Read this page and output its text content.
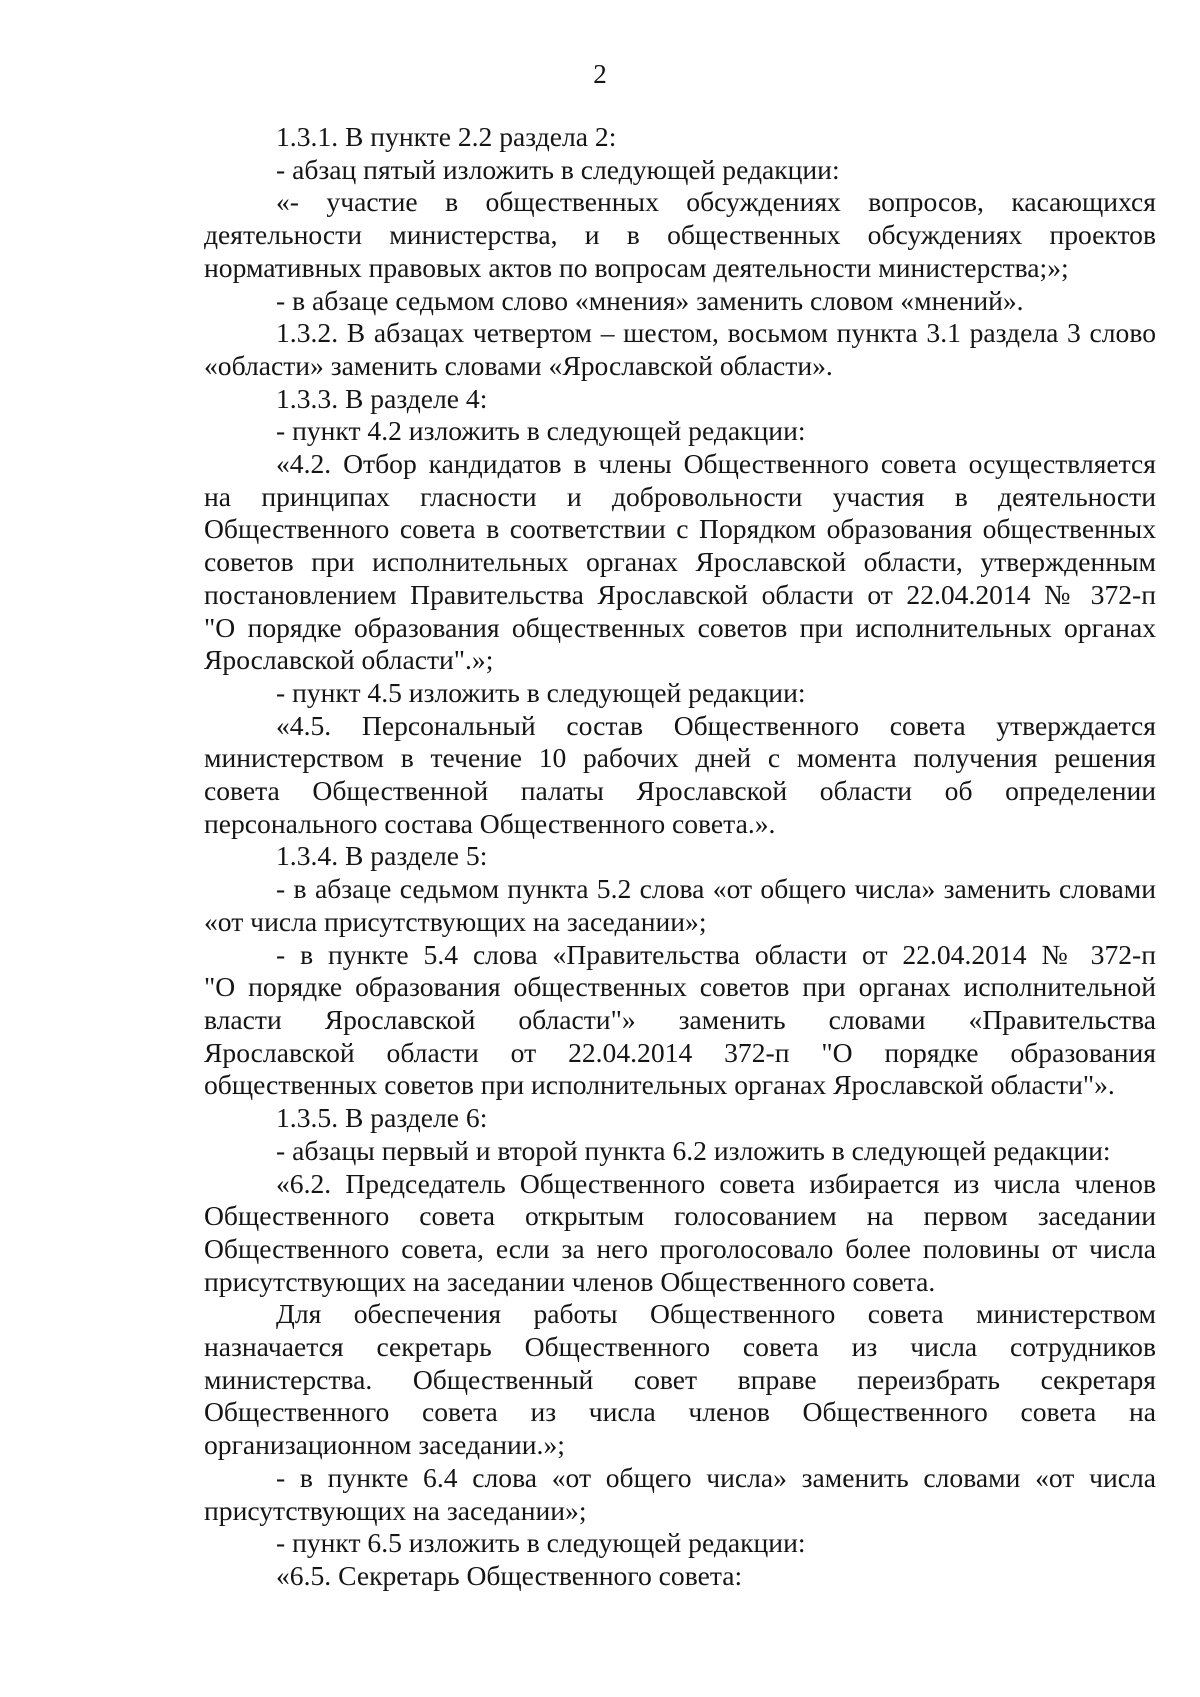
2

1.3.1. В пункте 2.2 раздела 2:

- абзац пятый изложить в следующей редакции:

«- участие в общественных обсуждениях вопросов, касающихся

деятельности министерства, и в общественных обсуждениях проектов

нормативных правовых актов по вопросам деятельности министерства;»;

- в абзаце седьмом слово «мнения» заменить словом «мнений».

1.3.2. В абзацах четвертом – шестом, восьмом пункта 3.1 раздела 3 слово

«области» заменить словами «Ярославской области».

1.3.3. В разделе 4:

- пункт 4.2 изложить в следующей редакции:

«4.2. Отбор кандидатов в члены Общественного совета осуществляется

на принципах гласности и добровольности участия в деятельности

Общественного совета в соответствии с Порядком образования общественных

советов при исполнительных органах Ярославской области, утвержденным

постановлением Правительства Ярославской области от 22.04.2014 № 372-п

"О порядке образования общественных советов при исполнительных органах

Ярославской области".»;

- пункт 4.5 изложить в следующей редакции:

«4.5. Персональный состав Общественного совета утверждается

министерством в течение 10 рабочих дней с момента получения решения

совета Общественной палаты Ярославской области об определении

персонального состава Общественного совета.».

1.3.4. В разделе 5:

- в абзаце седьмом пункта 5.2 слова «от общего числа» заменить словами

«от числа присутствующих на заседании»;

- в пункте 5.4 слова «Правительства области от 22.04.2014 № 372-п

"О порядке образования общественных советов при органах исполнительной

власти Ярославской области"» заменить словами «Правительства

Ярославской области от 22.04.2014 372-п "О порядке образования

общественных советов при исполнительных органах Ярославской области"».

1.3.5. В разделе 6:

- абзацы первый и второй пункта 6.2 изложить в следующей редакции:

«6.2. Председатель Общественного совета избирается из числа членов

Общественного совета открытым голосованием на первом заседании

Общественного совета, если за него проголосовало более половины от числа

присутствующих на заседании членов Общественного совета.

Для обеспечения работы Общественного совета министерством

назначается секретарь Общественного совета из числа сотрудников

министерства. Общественный совет вправе переизбрать секретаря

Общественного совета из числа членов Общественного совета на

организационном заседании.»;

- в пункте 6.4 слова «от общего числа» заменить словами «от числа

присутствующих на заседании»;

- пункт 6.5 изложить в следующей редакции:

«6.5. Секретарь Общественного совета:
